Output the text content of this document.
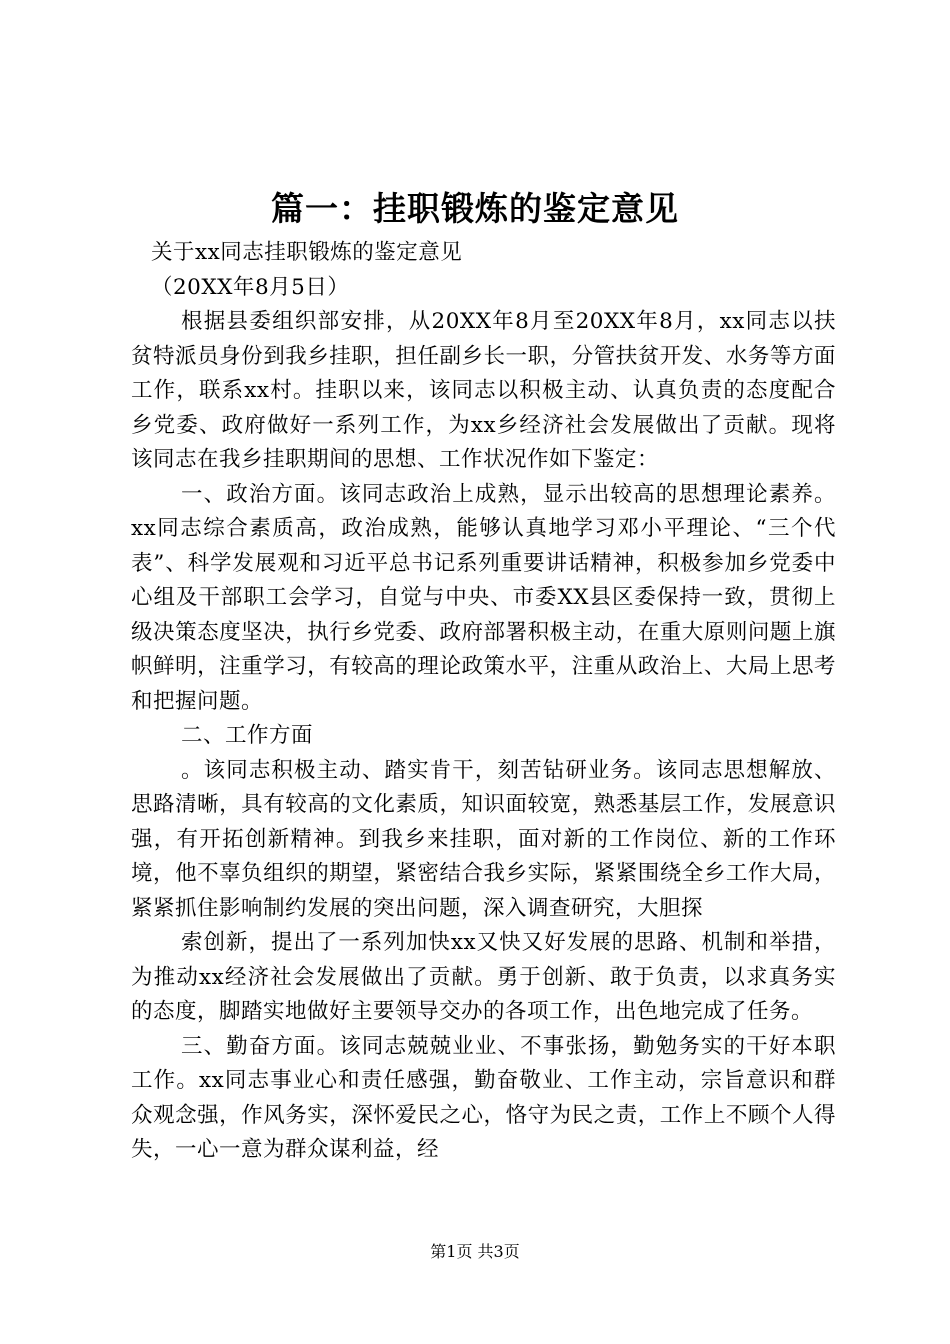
篇一：挂职锻炼的鉴定意见

关于xx同志挂职锻炼的鉴定意见

（20XX年8月5日）

根据县委组织部安排，从20XX年8月至20XX年8月，xx同志以扶贫特派员身份到我乡挂职，担任副乡长一职，分管扶贫开发、水务等方面工作，联系xx村。挂职以来，该同志以积极主动、认真负责的态度配合乡党委、政府做好一系列工作，为xx乡经济社会发展做出了贡献。现将该同志在我乡挂职期间的思想、工作状况作如下鉴定：

一、政治方面。该同志政治上成熟，显示出较高的思想理论素养。xx同志综合素质高，政治成熟，能够认真地学习邓小平理论、“三个代表”、科学发展观和习近平总书记系列重要讲话精神，积极参加乡党委中心组及干部职工会学习，自觉与中央、市委XX县区委保持一致，贯彻上级决策态度坚决，执行乡党委、政府部署积极主动，在重大原则问题上旗帜鲜明，注重学习，有较高的理论政策水平，注重从政治上、大局上思考和把握问题。

二、工作方面

。该同志积极主动、踏实肯干，刻苦钻研业务。该同志思想解放、思路清晰，具有较高的文化素质，知识面较宽，熟悉基层工作，发展意识强，有开拓创新精神。到我乡来挂职，面对新的工作岗位、新的工作环境，他不辜负组织的期望，紧密结合我乡实际，紧紧围绕全乡工作大局，紧紧抓住影响制约发展的突出问题，深入调查研究，大胆探

索创新，提出了一系列加快xx又快又好发展的思路、机制和举措，为推动xx经济社会发展做出了贡献。勇于创新、敢于负责，以求真务实的态度，脚踏实地做好主要领导交办的各项工作，出色地完成了任务。

三、勤奋方面。该同志兢兢业业、不事张扬，勤勉务实的干好本职工作。xx同志事业心和责任感强，勤奋敬业、工作主动，宗旨意识和群众观念强，作风务实，深怀爱民之心，恪守为民之责，工作上不顾个人得失，一心一意为群众谋利益，经

第1页 共3页
